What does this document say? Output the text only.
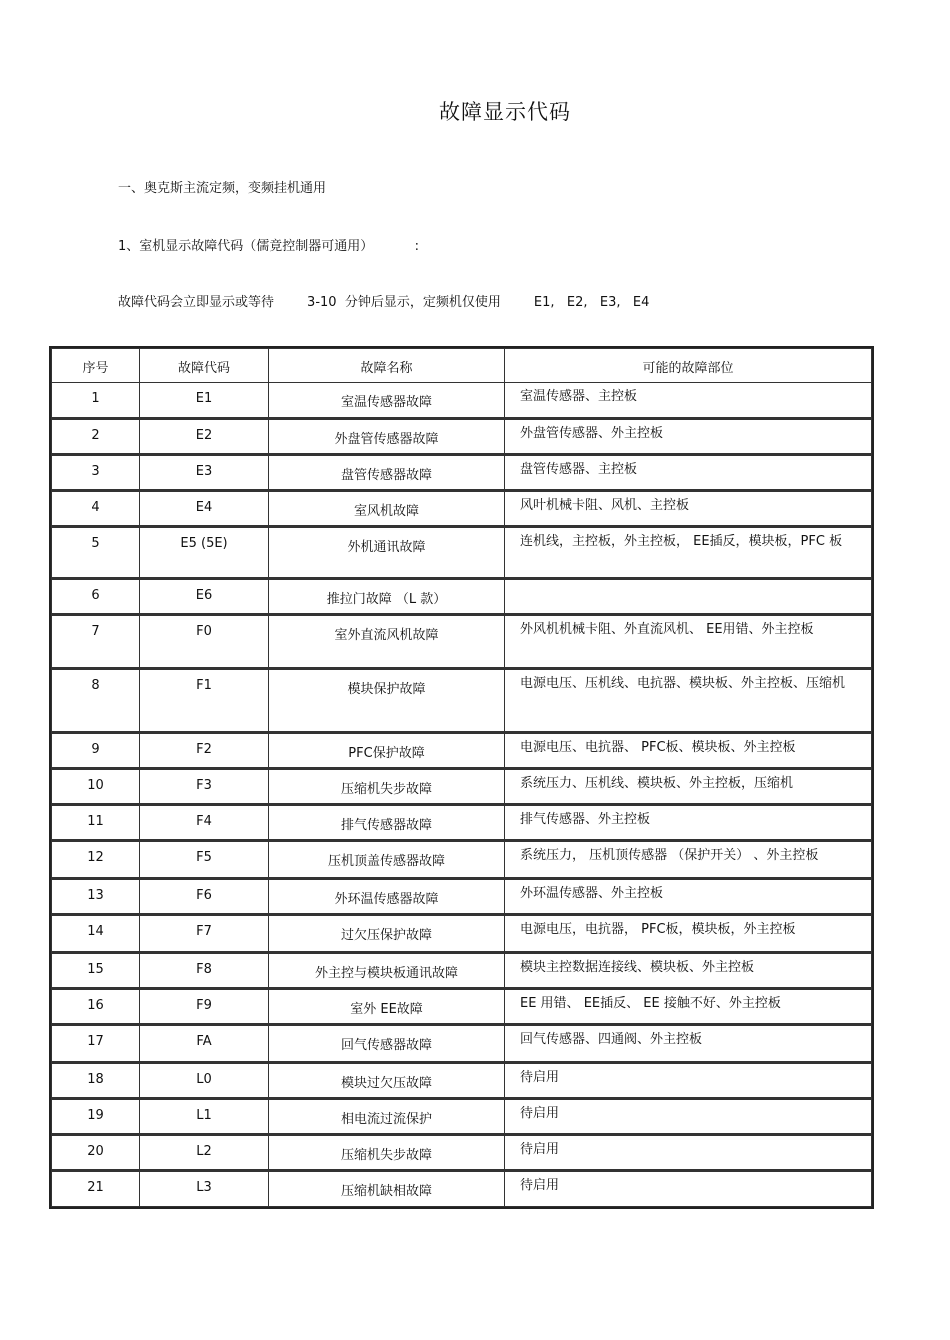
故障显示代码
一、奥克斯主流定频，变频挂机通用
1、室机显示故障代码（儒竟控制器可通用）          :
故障代码会立即显示或等待        3-10  分钟后显示，定频机仅使用        E1,   E2,   E3,   E4
序号	故障代码	故障名称	可能的故障部位

1	E1	室温传感器故障	室温传感器、主控板

2	E2	外盘管传感器故障	外盘管传感器、外主控板

3	E3	盘管传感器故障	盘管传感器、主控板

4	E4	室风机故障	风叶机械卡阻、风机、主控板

5	E5 (5E)	外机通讯故障	连机线，主控板，外主控板， EE插反，模块板，PFC 板

6	E6	推拉门故障 （L 款）	

7	F0	室外直流风机故障	外风机机械卡阻、外直流风机、 EE用错、外主控板

8	F1	模块保护故障	电源电压、压机线、电抗器、模块板、外主控板、压缩机

9	F2	PFC保护故障	电源电压、电抗器、 PFC板、模块板、外主控板

10	F3	压缩机失步故障	系统压力、压机线、模块板、外主控板，压缩机

11	F4	排气传感器故障	排气传感器、外主控板

12	F5	压机顶盖传感器故障	系统压力， 压机顶传感器 （保护开关） 、外主控板

13	F6	外环温传感器故障	外环温传感器、外主控板

14	F7	过欠压保护故障	电源电压，电抗器， PFC板，模块板，外主控板

15	F8	外主控与模块板通讯故障	模块主控数据连接线、模块板、外主控板

16	F9	室外 EE故障	EE 用错、 EE插反、 EE 接触不好、外主控板

17	FA	回气传感器故障	回气传感器、四通阀、外主控板

18	L0	模块过欠压故障	待启用

19	L1	相电流过流保护	待启用

20	L2	压缩机失步故障	待启用

21	L3	压缩机缺相故障	待启用
